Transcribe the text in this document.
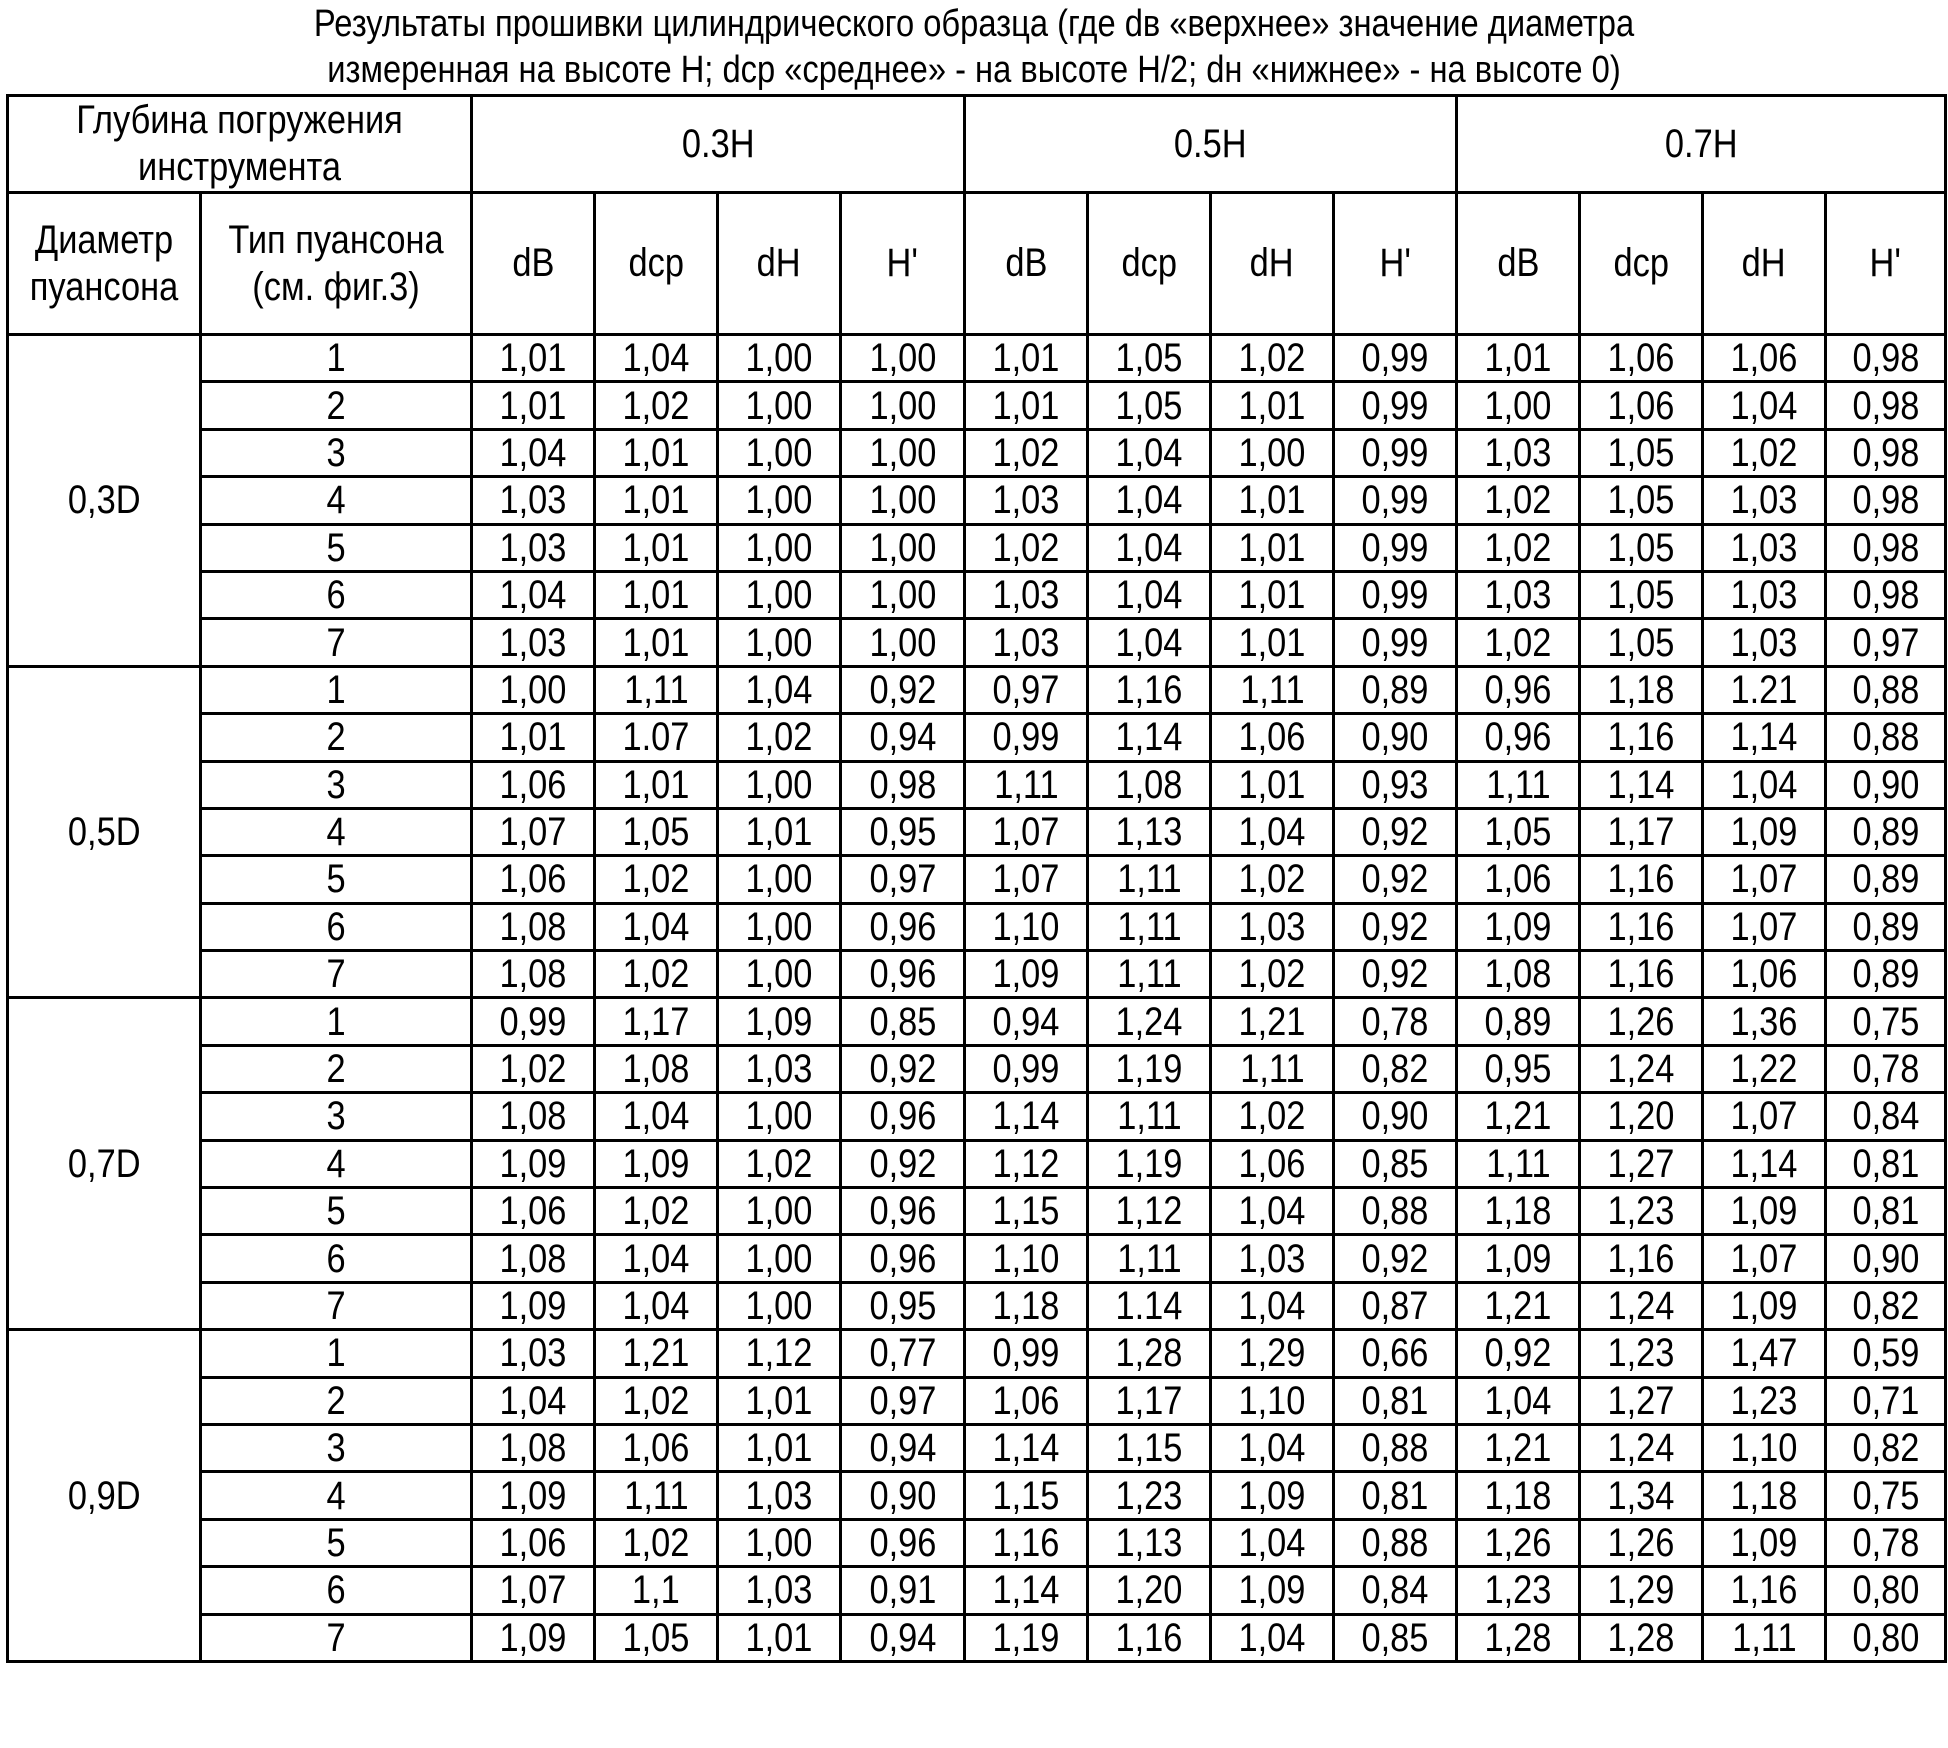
Результаты прошивки цилиндрического образца (где dв «верхнее» значение диаметра
измеренная на высоте H; dср «среднее» - на высоте H/2; dн «нижнее» - на высоте 0)
Глубина погружения инструмента	0.3H	0.5H	0.7H
Диаметр пуансона	Тип пуансона (см. фиг.3)	dB	dcp	dH	H'	dB	dcp	dH	H'	dB	dcp	dH	H'
0,3D	1	1,01	1,04	1,00	1,00	1,01	1,05	1,02	0,99	1,01	1,06	1,06	0,98
2	1,01	1,02	1,00	1,00	1,01	1,05	1,01	0,99	1,00	1,06	1,04	0,98
3	1,04	1,01	1,00	1,00	1,02	1,04	1,00	0,99	1,03	1,05	1,02	0,98
4	1,03	1,01	1,00	1,00	1,03	1,04	1,01	0,99	1,02	1,05	1,03	0,98
5	1,03	1,01	1,00	1,00	1,02	1,04	1,01	0,99	1,02	1,05	1,03	0,98
6	1,04	1,01	1,00	1,00	1,03	1,04	1,01	0,99	1,03	1,05	1,03	0,98
7	1,03	1,01	1,00	1,00	1,03	1,04	1,01	0,99	1,02	1,05	1,03	0,97
0,5D	1	1,00	1,11	1,04	0,92	0,97	1,16	1,11	0,89	0,96	1,18	1.21	0,88
2	1,01	1.07	1,02	0,94	0,99	1,14	1,06	0,90	0,96	1,16	1,14	0,88
3	1,06	1,01	1,00	0,98	1,11	1,08	1,01	0,93	1,11	1,14	1,04	0,90
4	1,07	1,05	1,01	0,95	1,07	1,13	1,04	0,92	1,05	1,17	1,09	0,89
5	1,06	1,02	1,00	0,97	1,07	1,11	1,02	0,92	1,06	1,16	1,07	0,89
6	1,08	1,04	1,00	0,96	1,10	1,11	1,03	0,92	1,09	1,16	1,07	0,89
7	1,08	1,02	1,00	0,96	1,09	1,11	1,02	0,92	1,08	1,16	1,06	0,89
0,7D	1	0,99	1,17	1,09	0,85	0,94	1,24	1,21	0,78	0,89	1,26	1,36	0,75
2	1,02	1,08	1,03	0,92	0,99	1,19	1,11	0,82	0,95	1,24	1,22	0,78
3	1,08	1,04	1,00	0,96	1,14	1,11	1,02	0,90	1,21	1,20	1,07	0,84
4	1,09	1,09	1,02	0,92	1,12	1,19	1,06	0,85	1,11	1,27	1,14	0,81
5	1,06	1,02	1,00	0,96	1,15	1,12	1,04	0,88	1,18	1,23	1,09	0,81
6	1,08	1,04	1,00	0,96	1,10	1,11	1,03	0,92	1,09	1,16	1,07	0,90
7	1,09	1,04	1,00	0,95	1,18	1.14	1,04	0,87	1,21	1,24	1,09	0,82
0,9D	1	1,03	1,21	1,12	0,77	0,99	1,28	1,29	0,66	0,92	1,23	1,47	0,59
2	1,04	1,02	1,01	0,97	1,06	1,17	1,10	0,81	1,04	1,27	1,23	0,71
3	1,08	1,06	1,01	0,94	1,14	1,15	1,04	0,88	1,21	1,24	1,10	0,82
4	1,09	1,11	1,03	0,90	1,15	1,23	1,09	0,81	1,18	1,34	1,18	0,75
5	1,06	1,02	1,00	0,96	1,16	1,13	1,04	0,88	1,26	1,26	1,09	0,78
6	1,07	1,1	1,03	0,91	1,14	1,20	1,09	0,84	1,23	1,29	1,16	0,80
7	1,09	1,05	1,01	0,94	1,19	1,16	1,04	0,85	1,28	1,28	1,11	0,80
